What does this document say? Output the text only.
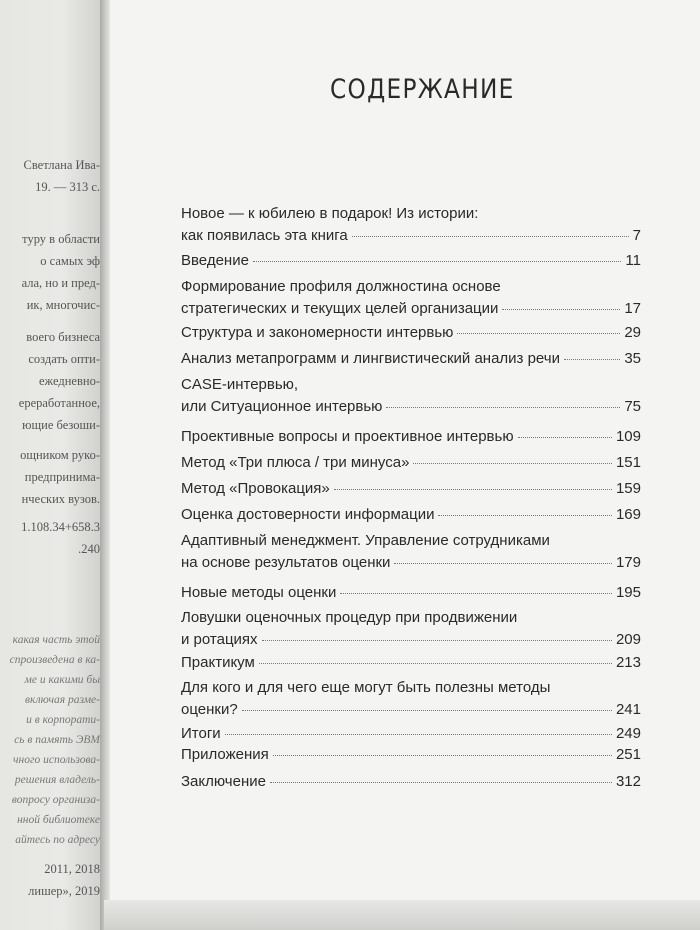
Светлана Ива-
19. — 313 с.
туру в области
о самых эф
ала, но и пред-
ик, многочис-
воего бизнеса
создать опти-
ежедневно-
ереработанное,
ющие безоши-
ощником руко-
предпринима-
нческих вузов.
1.108.34+658.3
.240
какая часть этой
спроизведена в ка-
ме и какими бы
включая разме-
и в корпорати-
сь в память ЭВМ
чного использова-
решения владель-
вопросу организа-
нной библиотеке
айтесь по адресу
2011, 2018
лишер», 2019
СОДЕРЖАНИЕ
Новое — к юбилею в подарок! Из истории:
как появилась эта книга	7
Введение	11
Формирование профиля должностина основе
стратегических и текущих целей организации	17
Структура и закономерности интервью	29
Анализ метапрограмм и лингвистический анализ речи	35
CASE-интервью,
или Ситуационное интервью	75
Проективные вопросы и проективное интервью	109
Метод «Три плюса / три минуса»	151
Метод «Провокация»	159
Оценка достоверности информации	169
Адаптивный менеджмент. Управление сотрудниками
на основе результатов оценки	179
Новые методы оценки	195
Ловушки оценочных процедур при продвижении
и ротациях	209
Практикум	213
Для кого и для чего еще могут быть полезны методы
оценки?	241
Итоги	249
Приложения	251
Заключение	312
